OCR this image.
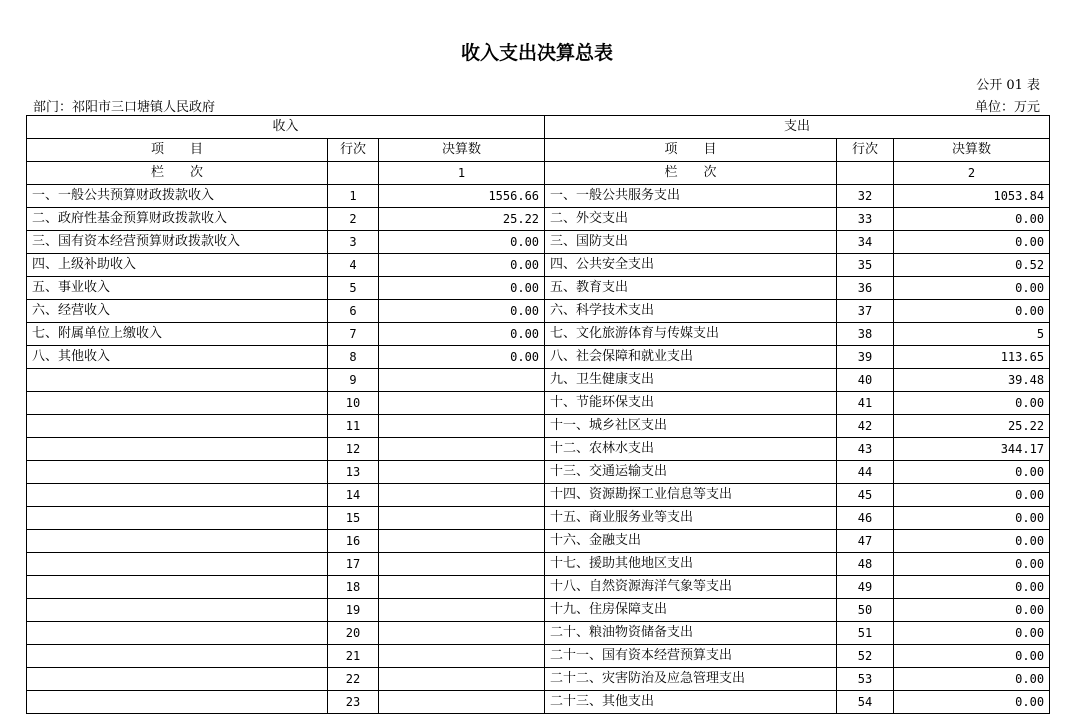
收入支出决算总表
公开 01 表
部门：祁阳市三口塘镇人民政府	单位：万元
收入			支出		
项　　目	行次	决算数	项　　目	行次	决算数
栏　　次		1	栏　　次		2
一、一般公共预算财政拨款收入	1	1556.66	一、一般公共服务支出	32	1053.84
二、政府性基金预算财政拨款收入	2	25.22	二、外交支出	33	0.00
三、国有资本经营预算财政拨款收入	3	0.00	三、国防支出	34	0.00
四、上级补助收入	4	0.00	四、公共安全支出	35	0.52
五、事业收入	5	0.00	五、教育支出	36	0.00
六、经营收入	6	0.00	六、科学技术支出	37	0.00
七、附属单位上缴收入	7	0.00	七、文化旅游体育与传媒支出	38	5
八、其他收入	8	0.00	八、社会保障和就业支出	39	113.65
	9		九、卫生健康支出	40	39.48
	10		十、节能环保支出	41	0.00
	11		十一、城乡社区支出	42	25.22
	12		十二、农林水支出	43	344.17
	13		十三、交通运输支出	44	0.00
	14		十四、资源勘探工业信息等支出	45	0.00
	15		十五、商业服务业等支出	46	0.00
	16		十六、金融支出	47	0.00
	17		十七、援助其他地区支出	48	0.00
	18		十八、自然资源海洋气象等支出	49	0.00
	19		十九、住房保障支出	50	0.00
	20		二十、粮油物资储备支出	51	0.00
	21		二十一、国有资本经营预算支出	52	0.00
	22		二十二、灾害防治及应急管理支出	53	0.00
	23		二十三、其他支出	54	0.00
